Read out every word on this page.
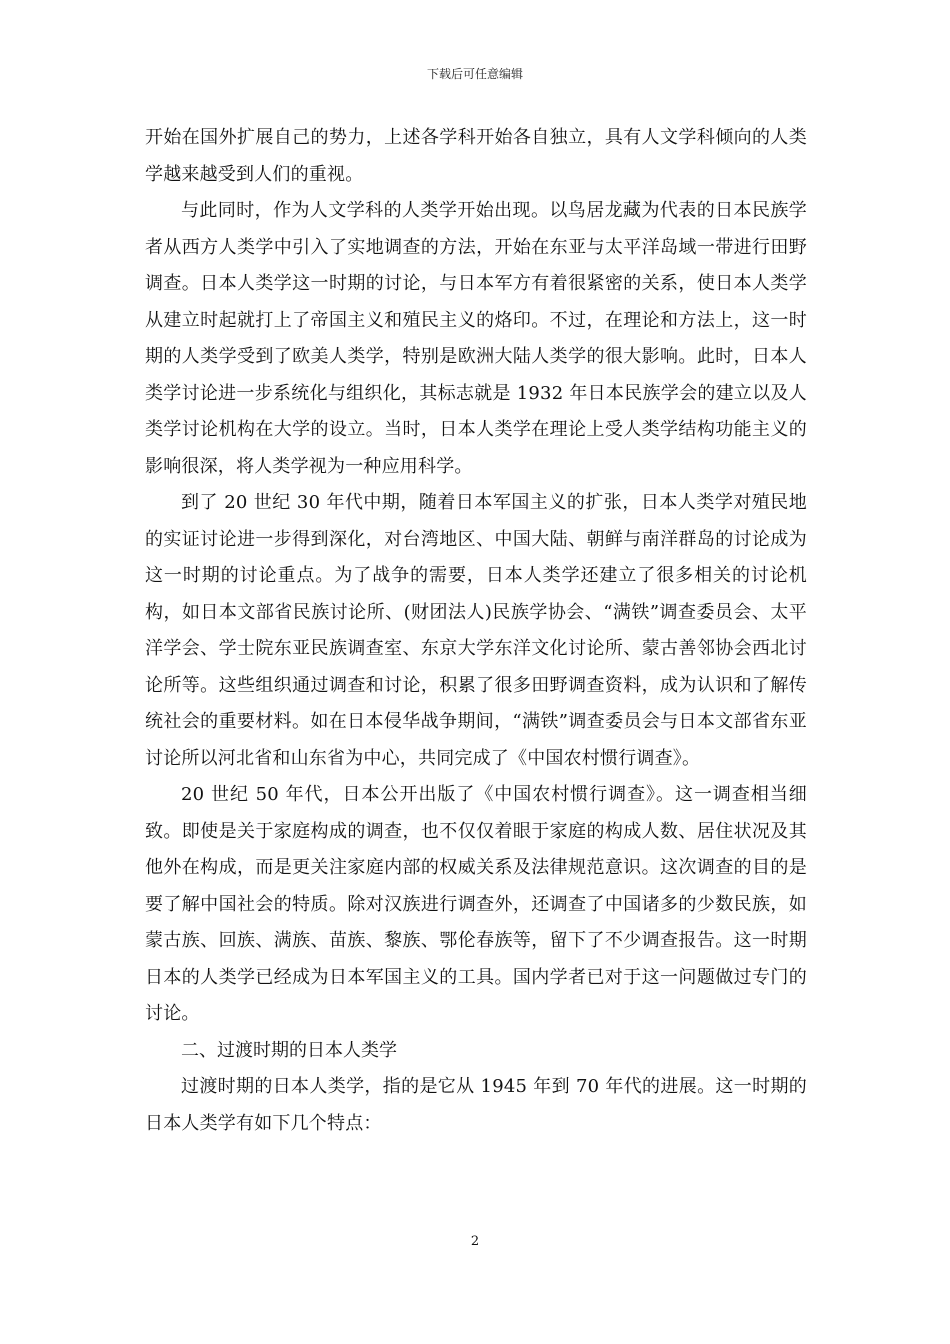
下载后可任意编辑

开始在国外扩展自己的势力，上述各学科开始各自独立，具有人文学科倾向的人类学越来越受到人们的重视。

与此同时，作为人文学科的人类学开始出现。以鸟居龙藏为代表的日本民族学者从西方人类学中引入了实地调查的方法，开始在东亚与太平洋岛域一带进行田野调查。日本人类学这一时期的讨论，与日本军方有着很紧密的关系，使日本人类学从建立时起就打上了帝国主义和殖民主义的烙印。不过，在理论和方法上，这一时期的人类学受到了欧美人类学，特别是欧洲大陆人类学的很大影响。此时，日本人类学讨论进一步系统化与组织化，其标志就是 1932 年日本民族学会的建立以及人类学讨论机构在大学的设立。当时，日本人类学在理论上受人类学结构功能主义的影响很深，将人类学视为一种应用科学。

到了 20 世纪 30 年代中期，随着日本军国主义的扩张，日本人类学对殖民地的实证讨论进一步得到深化，对台湾地区、中国大陆、朝鲜与南洋群岛的讨论成为这一时期的讨论重点。为了战争的需要，日本人类学还建立了很多相关的讨论机构，如日本文部省民族讨论所、(财团法人)民族学协会、“满铁”调查委员会、太平洋学会、学士院东亚民族调查室、东京大学东洋文化讨论所、蒙古善邻协会西北讨论所等。这些组织通过调查和讨论，积累了很多田野调查资料，成为认识和了解传统社会的重要材料。如在日本侵华战争期间，“满铁”调查委员会与日本文部省东亚讨论所以河北省和山东省为中心，共同完成了《中国农村惯行调查》。

20 世纪 50 年代，日本公开出版了《中国农村惯行调查》。这一调查相当细致。即使是关于家庭构成的调查，也不仅仅着眼于家庭的构成人数、居住状况及其他外在构成，而是更关注家庭内部的权威关系及法律规范意识。这次调查的目的是要了解中国社会的特质。除对汉族进行调查外，还调查了中国诸多的少数民族，如蒙古族、回族、满族、苗族、黎族、鄂伦春族等，留下了不少调查报告。这一时期日本的人类学已经成为日本军国主义的工具。国内学者已对于这一问题做过专门的讨论。

二、过渡时期的日本人类学

过渡时期的日本人类学，指的是它从 1945 年到 70 年代的进展。这一时期的日本人类学有如下几个特点：

2
